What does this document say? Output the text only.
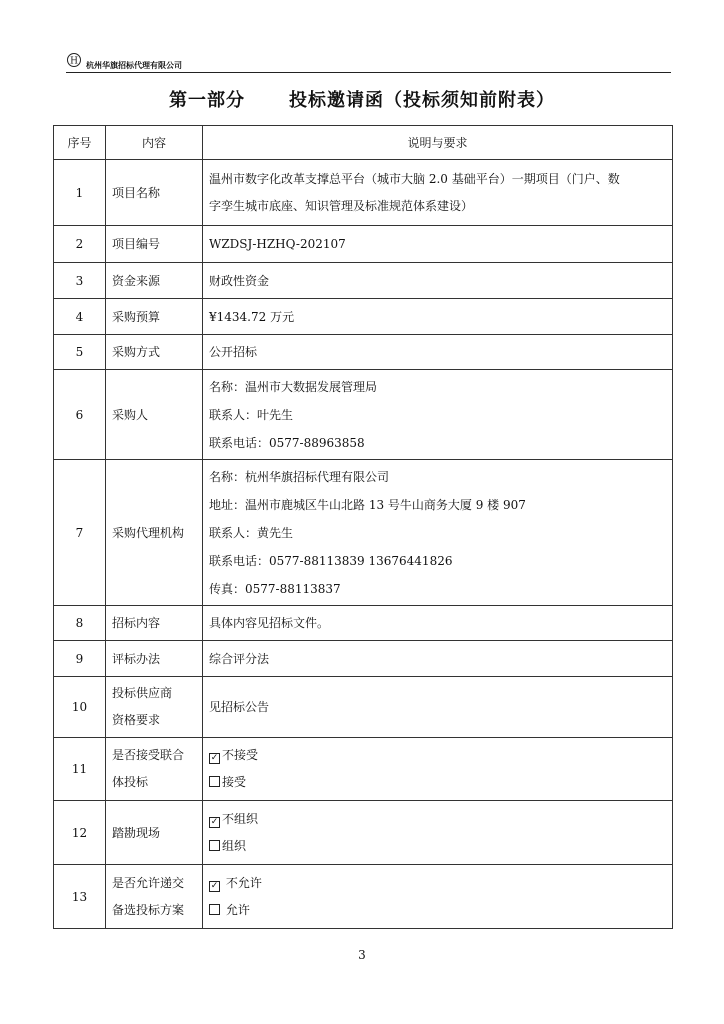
H 杭州华旗招标代理有限公司
第一部分 投标邀请函（投标须知前附表）
序号	内容	说明与要求
1	项目名称	温州市数字化改革支撑总平台（城市大脑 2.0 基础平台）一期项目（门户、数
字孪生城市底座、知识管理及标准规范体系建设）

2	项目编号	WZDSJ-HZHQ-202107
3	资金来源	财政性资金
4	采购预算	¥1434.72 万元
5	采购方式	公开招标
6	采购人	名称：温州市大数据发展管理局
联系人：叶先生
联系电话：0577-88963858

7	采购代理机构	名称：杭州华旗招标代理有限公司
地址：温州市鹿城区牛山北路 13 号牛山商务大厦 9 楼 907
联系人：黄先生
联系电话：0577-88113839 13676441826
传真：0577-88113837

8	招标内容	具体内容见招标文件。
9	评标办法	综合评分法
10	投标供应商
资格要求	见招标公告
11	是否接受联合
体投标	✓ 不接受
接受

12	踏勘现场	✓ 不组织
组织

13	是否允许递交
备选投标方案	✓ 不允许
允许
3
